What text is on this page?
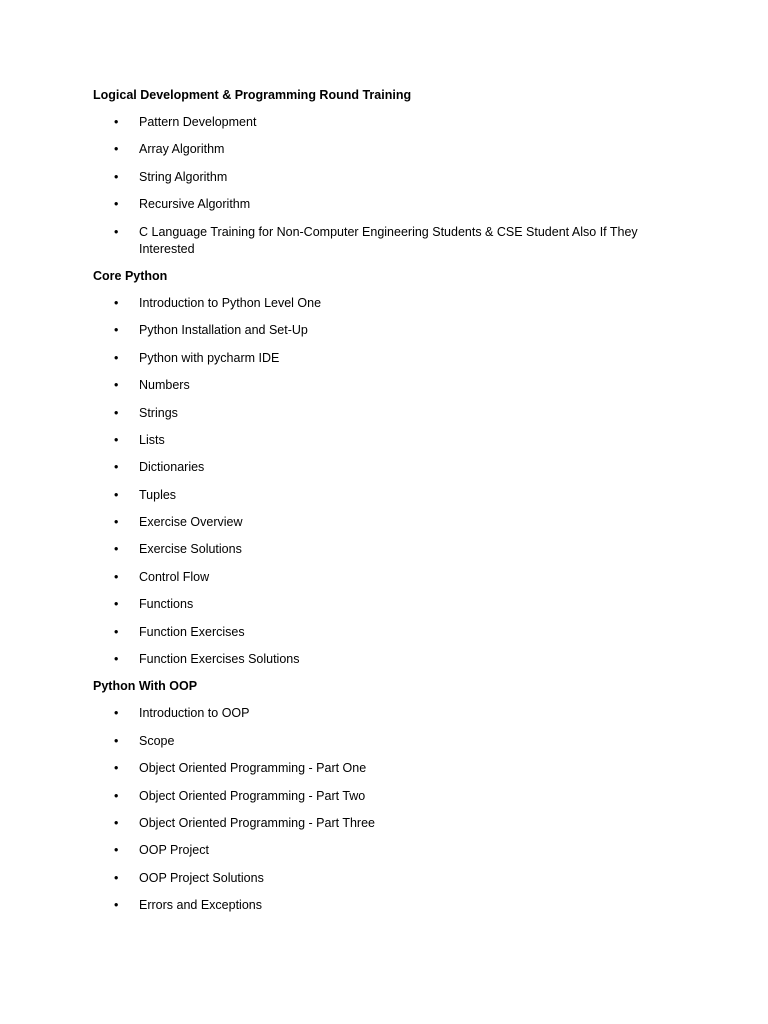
Logical Development & Programming Round Training
•	Pattern Development
•	Array Algorithm
•	String Algorithm
•	Recursive Algorithm
•	C Language Training for Non-Computer Engineering Students & CSE Student Also If They Interested
Core Python
•	Introduction to Python Level One
•	Python Installation and Set-Up
•	Python with pycharm IDE
•	Numbers
•	Strings
•	Lists
•	Dictionaries
•	Tuples
•	Exercise Overview
•	Exercise Solutions
•	Control Flow
•	Functions
•	Function Exercises
•	Function Exercises Solutions
Python With OOP
•	Introduction to OOP
•	Scope
•	Object Oriented Programming - Part One
•	Object Oriented Programming - Part Two
•	Object Oriented Programming - Part Three
•	OOP Project
•	OOP Project Solutions
•	Errors and Exceptions
